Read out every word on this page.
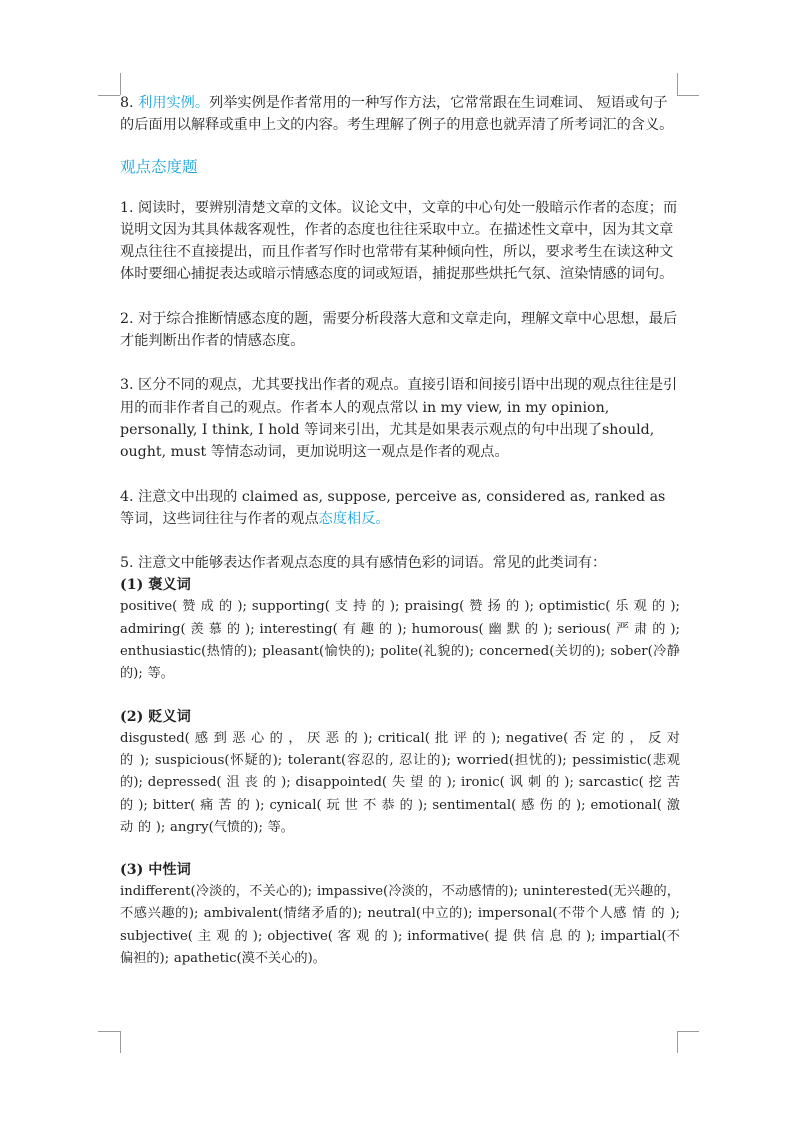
8. 利用实例。列举实例是作者常用的一种写作方法，它常常跟在生词难词、 短语或句子的后面用以解释或重申上文的内容。考生理解了例子的用意也就弄清了所考词汇的含义。

观点态度题

1. 阅读时，要辨别清楚文章的文体。议论文中，文章的中心句处一般暗示作者的态度；而说明文因为其具体裁客观性，作者的态度也往往采取中立。在描述性文章中，因为其文章观点往往不直接提出，而且作者写作时也常带有某种倾向性，所以，要求考生在读这种文体时要细心捕捉表达或暗示情感态度的词或短语，捕捉那些烘托气氛、渲染情感的词句。

2. 对于综合推断情感态度的题，需要分析段落大意和文章走向，理解文章中心思想，最后才能判断出作者的情感态度。

3. 区分不同的观点，尤其要找出作者的观点。直接引语和间接引语中出现的观点往往是引用的而非作者自己的观点。作者本人的观点常以 in my view, in my opinion, personally, I think, I hold 等词来引出，尤其是如果表示观点的句中出现了should, ought, must 等情态动词，更加说明这一观点是作者的观点。

4. 注意文中出现的 claimed as, suppose, perceive as, considered as, ranked as 等词，这些词往往与作者的观点态度相反。

5. 注意文中能够表达作者观点态度的具有感情色彩的词语。常见的此类词有：

(1) 褒义词

positive( 赞 成 的 ); supporting( 支 持 的 ); praising( 赞 扬 的 ); optimistic( 乐 观 的 ); admiring( 羡 慕 的 ); interesting( 有 趣 的 ); humorous( 幽 默 的 ); serious( 严 肃 的 ); enthusiastic(热情的); pleasant(愉快的); polite(礼貌的); concerned(关切的); sober(冷静的); 等。

(2) 贬义词

disgusted( 感 到 恶 心 的 ， 厌 恶 的 ); critical( 批 评 的 ); negative( 否 定 的 ， 反 对 的 ); suspicious(怀疑的); tolerant(容忍的, 忍让的); worried(担忧的); pessimistic(悲观的); depressed( 沮 丧 的 ); disappointed( 失 望 的 ); ironic( 讽 刺 的 ); sarcastic( 挖 苦 的 ); bitter( 痛 苦 的 ); cynical( 玩 世 不 恭 的 ); sentimental( 感 伤 的 ); emotional( 激 动 的 ); angry(气愤的); 等。

(3) 中性词

indifferent(冷淡的，不关心的); impassive(冷淡的，不动感情的); uninterested(无兴趣的，不感兴趣的); ambivalent(情绪矛盾的); neutral(中立的); impersonal(不带个人感 情 的 ); subjective( 主 观 的 ); objective( 客 观 的 ); informative( 提 供 信 息 的 ); impartial(不偏袒的); apathetic(漠不关心的)。
